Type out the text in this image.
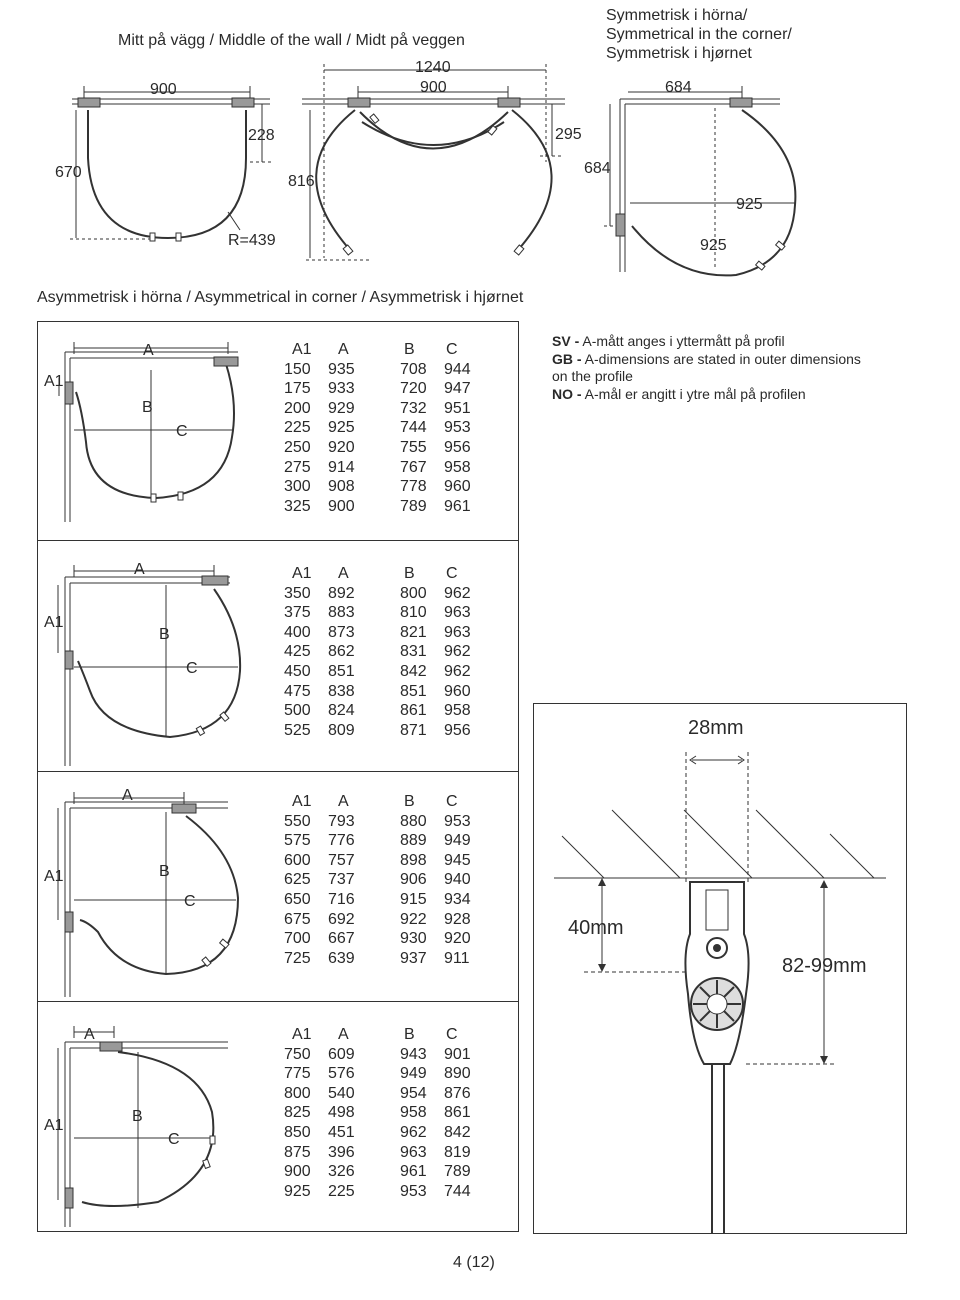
Mitt på vägg / Middle of the wall / Midt på veggen
Symmetrisk i hörna/
Symmetrical in the corner/
Symmetrisk i hjørnet
900
228
670
R=439
1240
900
295
816
684
684
925
925
Asymmetrisk i hörna / Asymmetrical in corner / Asymmetrisk i hjørnet
A
A1
B
C
A1 A	B C
150 935	708 944
175 933	720 947
200 929	732 951
225 925	744 953
250 920	755 956
275 914	767 958
300 908	778 960
325 900	789 961
A
A1
B
C
A1 A	B C
350 892	800 962
375 883	810 963
400 873	821 963
425 862	831 962
450 851	842 962
475 838	851 960
500 824	861 958
525 809	871 956
A
A1	B
C
A1 A	B C
550 793	880 953
575 776	889 949
600 757	898 945
625 737	906 940
650 716	915 934
675 692	922 928
700 667	930 920
725 639	937 911
A
A1
B
C
A1 A	B C
750 609	943 901
775 576	949 890
800 540	954 876
825 498	958 861
850 451	962 842
875 396	963 819
900 326	961 789
925 225	953 744
SV - A-mått anges i yttermått på profil
GB - A-dimensions are stated in outer dimensions on the profile
NO - A-mål er angitt i ytre mål på profilen
28mm
40mm
82-99mm
4 (12)
